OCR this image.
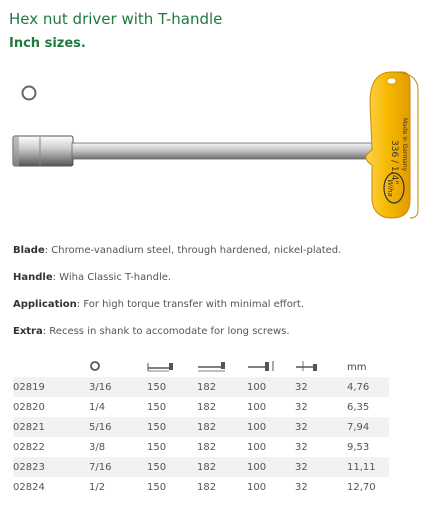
Hex nut driver with T-handle
Inch sizes.
336 / 1/4" Made in Germany
Wiha
Blade: Chrome-vanadium steel, through hardened, nickel-plated.
Handle: Wiha Classic T-handle.
Application: For high torque transfer with minimal effort.
Extra: Recess in shank to accomodate for long screws.
						mm
02819	3/16	150	182	100	32	4,76
02820	1/4	150	182	100	32	6,35
02821	5/16	150	182	100	32	7,94
02822	3/8	150	182	100	32	9,53
02823	7/16	150	182	100	32	11,11
02824	1/2	150	182	100	32	12,70
